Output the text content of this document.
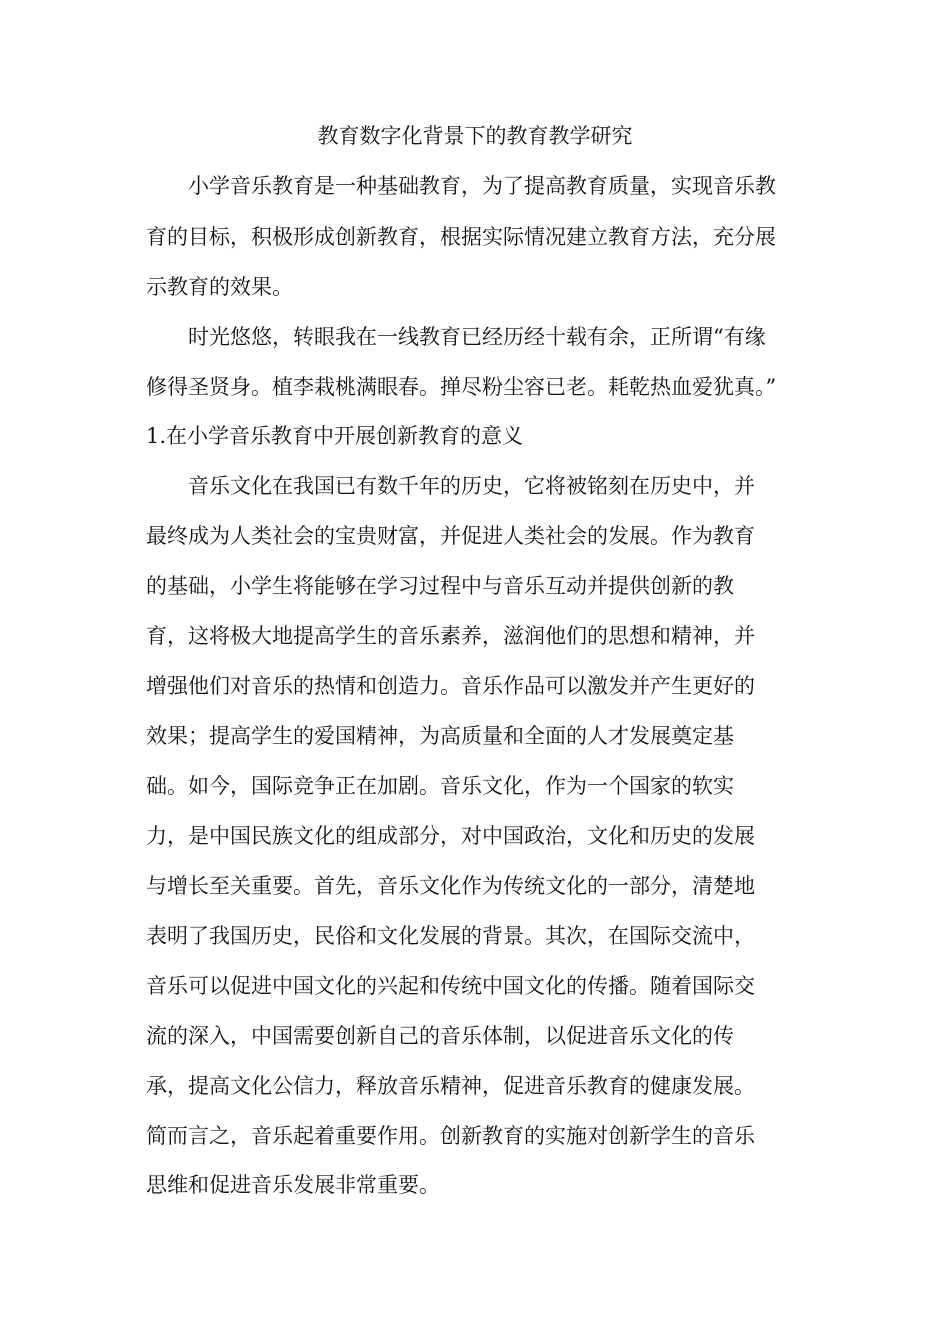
教育数字化背景下的教育教学研究
小学音乐教育是一种基础教育，为了提高教育质量，实现音乐教
育的目标，积极形成创新教育，根据实际情况建立教育方法，充分展
示教育的效果。
时光悠悠，转眼我在一线教育已经历经十载有余，正所谓“有缘
修得圣贤身。植李栽桃满眼春。掸尽粉尘容已老。耗乾热血爱犹真。”
1.在小学音乐教育中开展创新教育的意义
音乐文化在我国已有数千年的历史，它将被铭刻在历史中，并
最终成为人类社会的宝贵财富，并促进人类社会的发展。作为教育
的基础，小学生将能够在学习过程中与音乐互动并提供创新的教
育，这将极大地提高学生的音乐素养，滋润他们的思想和精神，并
增强他们对音乐的热情和创造力。音乐作品可以激发并产生更好的
效果；提高学生的爱国精神，为高质量和全面的人才发展奠定基
础。如今，国际竞争正在加剧。音乐文化，作为一个国家的软实
力，是中国民族文化的组成部分，对中国政治，文化和历史的发展
与增长至关重要。首先，音乐文化作为传统文化的一部分，清楚地
表明了我国历史，民俗和文化发展的背景。其次，在国际交流中，
音乐可以促进中国文化的兴起和传统中国文化的传播。随着国际交
流的深入，中国需要创新自己的音乐体制，以促进音乐文化的传
承，提高文化公信力，释放音乐精神，促进音乐教育的健康发展。
简而言之，音乐起着重要作用。创新教育的实施对创新学生的音乐
思维和促进音乐发展非常重要。
